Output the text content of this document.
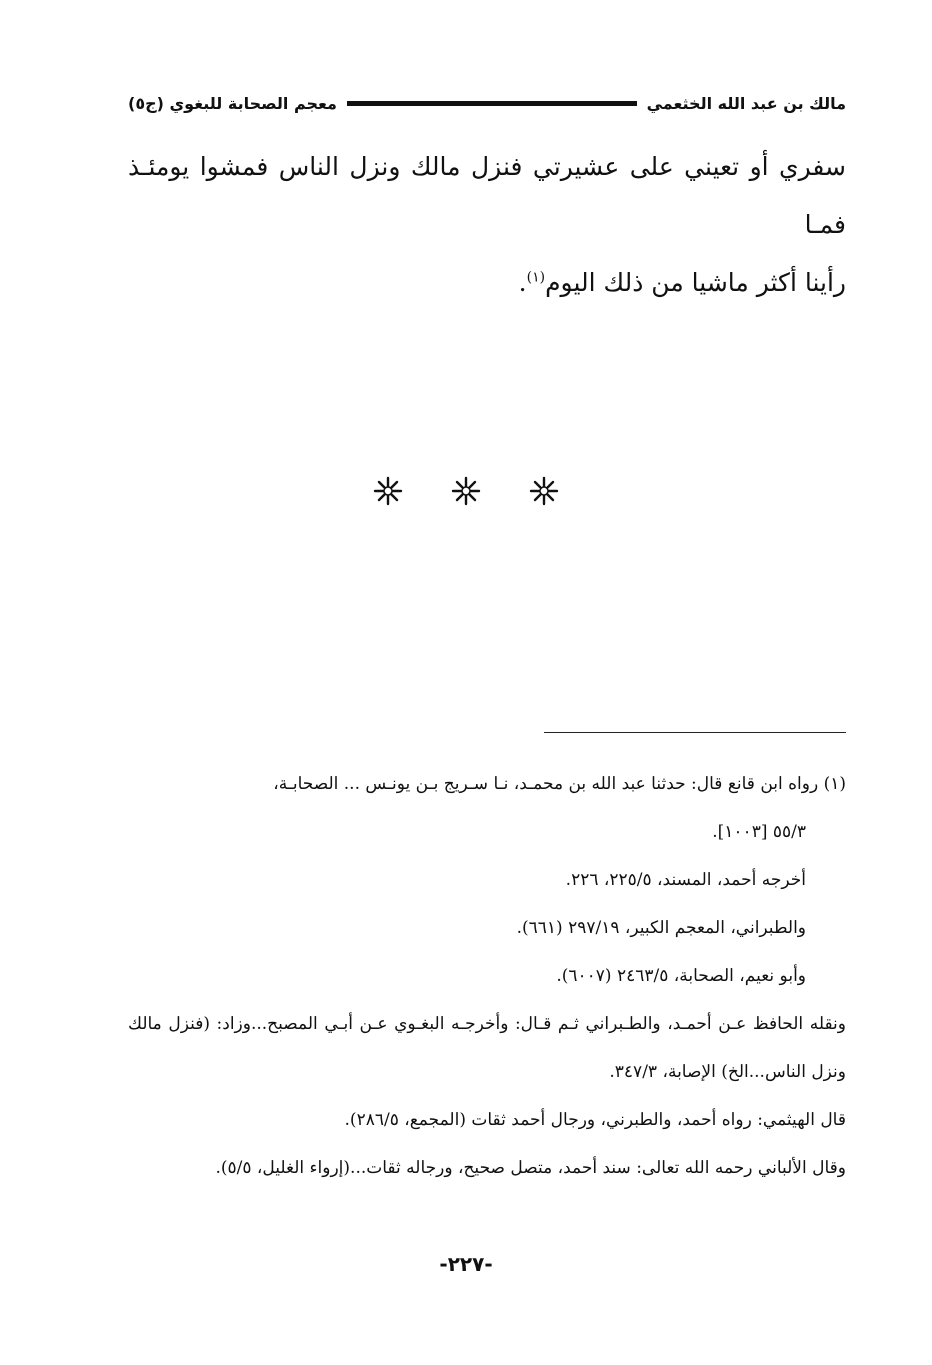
مالك بن عبد الله الخثعمي
معجم الصحابة للبغوي (ج٥)

سفري أو تعيني على عشيرتي فنزل مالك ونزل الناس فمشوا يومئـذ فمـا

رأينا أكثر ماشيا من ذلك اليوم$^{(١)}$.

(١) رواه ابن قانع قال: حدثنا عبد الله بن محمـد، نـا سـريج بـن يونـس ... الصحابـة،

٥٥/٣ [١٠٠٣].

أخرجه أحمد، المسند، ٢٢٥/٥، ٢٢٦.

والطبراني، المعجم الكبير، ٢٩٧/١٩ (٦٦١).

وأبو نعيم، الصحابة، ٢٤٦٣/٥ (٦٠٠٧).

ونقله الحافظ عـن أحمـد، والطـبراني ثـم قـال: وأخرجـه البغـوي عـن أبـي المصبح...وزاد: (فنزل مالك ونزل الناس...الخ) الإصابة، ٣٤٧/٣.

قال الهيثمي: رواه أحمد، والطبرني، ورجال أحمد ثقات (المجمع، ٢٨٦/٥).

وقال الألباني رحمه الله تعالى: سند أحمد، متصل صحيح، ورجاله ثقات...(إرواء الغليل، ٥/٥).

-٢٢٧-
